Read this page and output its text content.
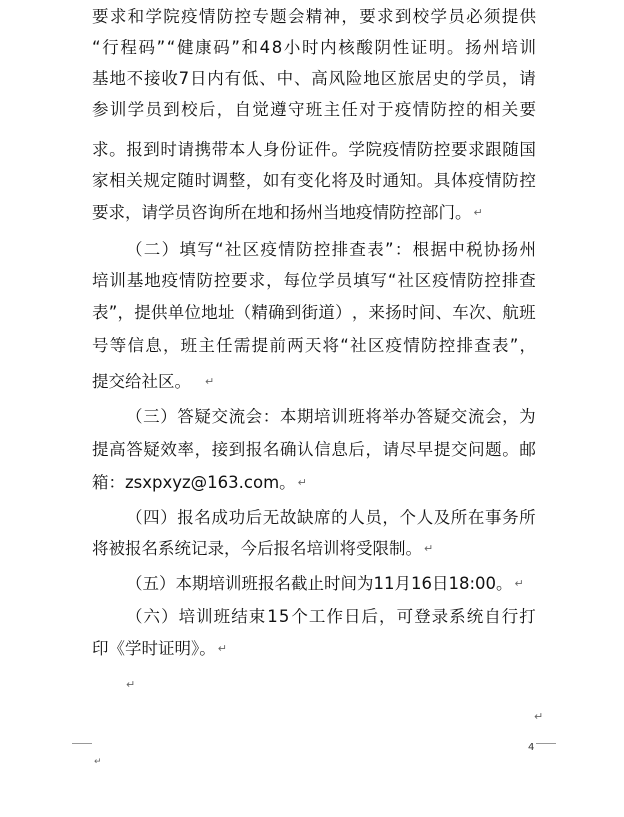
要 求 和 学 院 疫 情 防 控 专 题 会 精 神 ， 要 求 到 校 学 员 必 须 提 供
“ 行 程 码 ” “ 健 康 码 ” 和 4 8 小 时 内 核 酸 阴 性 证 明 。 扬 州 培 训
基 地 不 接 收 7 日 内 有 低 、 中 、 高 风 险 地 区 旅 居 史 的 学 员 ， 请
参 训 学 员 到 校 后 ， 自 觉 遵 守 班 主 任 对 于 疫 情 防 控 的 相 关 要
求 。 报 到 时 请 携 带 本 人 身 份 证 件 。 学 院 疫 情 防 控 要 求 跟 随 国
家 相 关 规 定 随 时 调 整 ， 如 有 变 化 将 及 时 通 知 。 具 体 疫 情 防 控
要求，请学员咨询所在地和扬州当地疫情防控部门。 ↵
（ 二 ） 填 写 “ 社 区 疫 情 防 控 排 查 表 ” ： 根 据 中 税 协 扬 州
培 训 基 地 疫 情 防 控 要 求 ， 每 位 学 员 填 写 “ 社 区 疫 情 防 控 排 查
表 ” ， 提 供 单 位 地 址 （ 精 确 到 街 道 ） ， 来 扬 时 间 、 车 次 、 航 班
号 等 信 息 ， 班 主 任 需 提 前 两 天 将 “ 社 区 疫 情 防 控 排 查 表 ” ，
提交给社区。 ↵
（ 三 ） 答 疑 交 流 会 ： 本 期 培 训 班 将 举 办 答 疑 交 流 会 ， 为
提 高 答 疑 效 率 ， 接 到 报 名 确 认 信 息 后 ， 请 尽 早 提 交 问 题 。 邮
箱：zsxpxyz@163.com。 ↵
（ 四 ） 报 名 成 功 后 无 故 缺 席 的 人 员 ， 个 人 及 所 在 事 务 所
将被报名系统记录，今后报名培训将受限制。 ↵
（五）本期培训班报名截止时间为11月16日18:00。 ↵
（ 六 ） 培 训 班 结 束 1 5 个 工 作 日 后 ， 可 登 录 系 统 自 行 打
印《学时证明》。 ↵
↵
↵
4
↵
